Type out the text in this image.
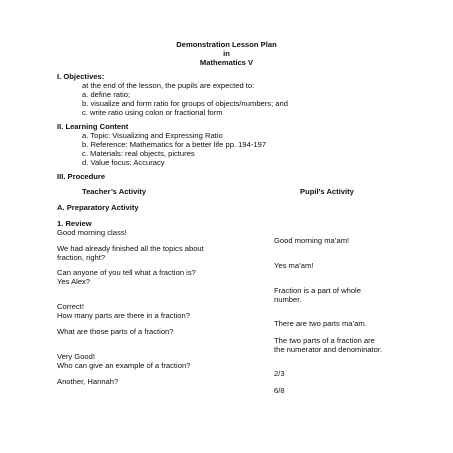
Demonstration Lesson Plan
in
Mathematics V
I. Objectives:
at the end of the lesson, the pupils are expected to:
a. define ratio;
b. visualize and form ratio for groups of objects/numbers; and
c. write ratio using colon or fractional form
II. Learning Content
a. Topic: Visualizing and Expressing Ratio
b. Reference: Mathematics for a better life pp. 194-197
c. Materials: real objects, pictures
d. Value focus: Accuracy
III. Procedure
Teacher’s Activity	Pupil’s Activity
A. Preparatory Activity
1. Review
Good morning class!
We had already finished all the topics about
fraction, right?
Can anyone of you tell what a fraction is?
Yes Alex?
Correct!
How many parts are there in a fraction?
What are those parts of a fraction?
Very Good!
Who can give an example of a fraction?
Another, Hannah?
Good morning ma’am!
Yes ma’am!
Fraction is a part of whole
number.
There are two parts ma’am.
The two parts of a fraction are
the numerator and denominator.
2/3
6/8
